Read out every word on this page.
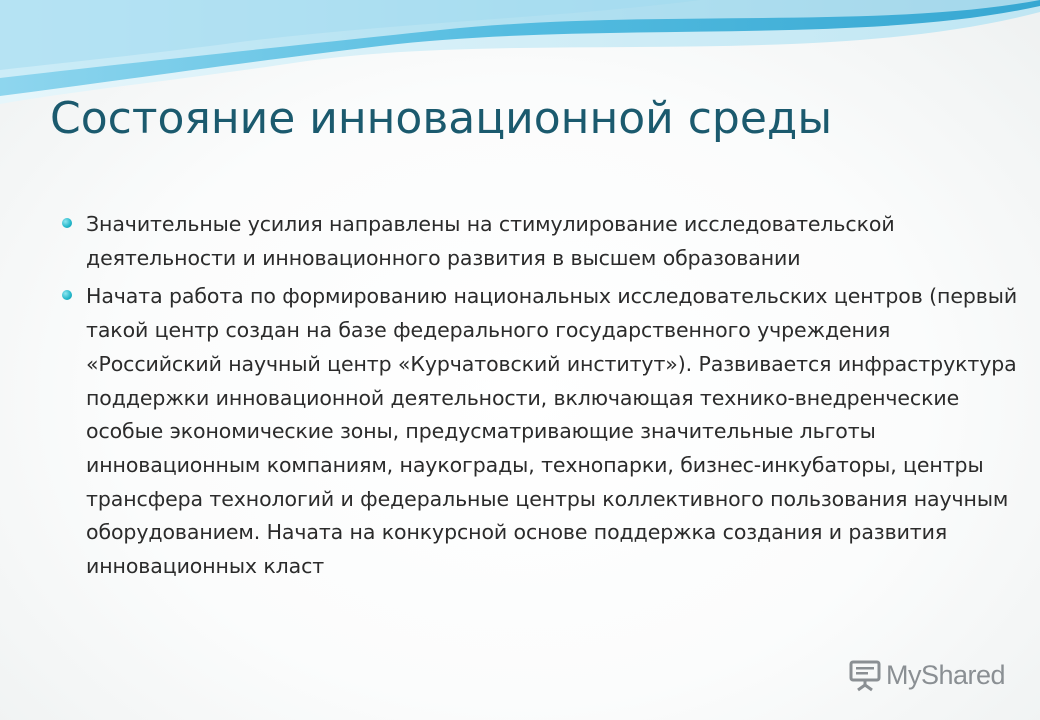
Состояние инновационной среды
Значительные усилия направлены на стимулирование исследовательской деятельности и инновационного развития в высшем образовании
Начата работа по формированию национальных исследовательских центров (первый такой центр создан на базе федерального государственного учреждения «Российский научный центр «Курчатовский институт»). Развивается инфраструктура поддержки инновационной деятельности, включающая технико-внедренческие особые экономические зоны, предусматривающие значительные льготы инновационным компаниям, наукограды, технопарки, бизнес-инкубаторы, центры трансфера технологий и федеральные центры коллективного пользования научным оборудованием. Начата на конкурсной основе поддержка создания и развития инновационных класт
MyShared
